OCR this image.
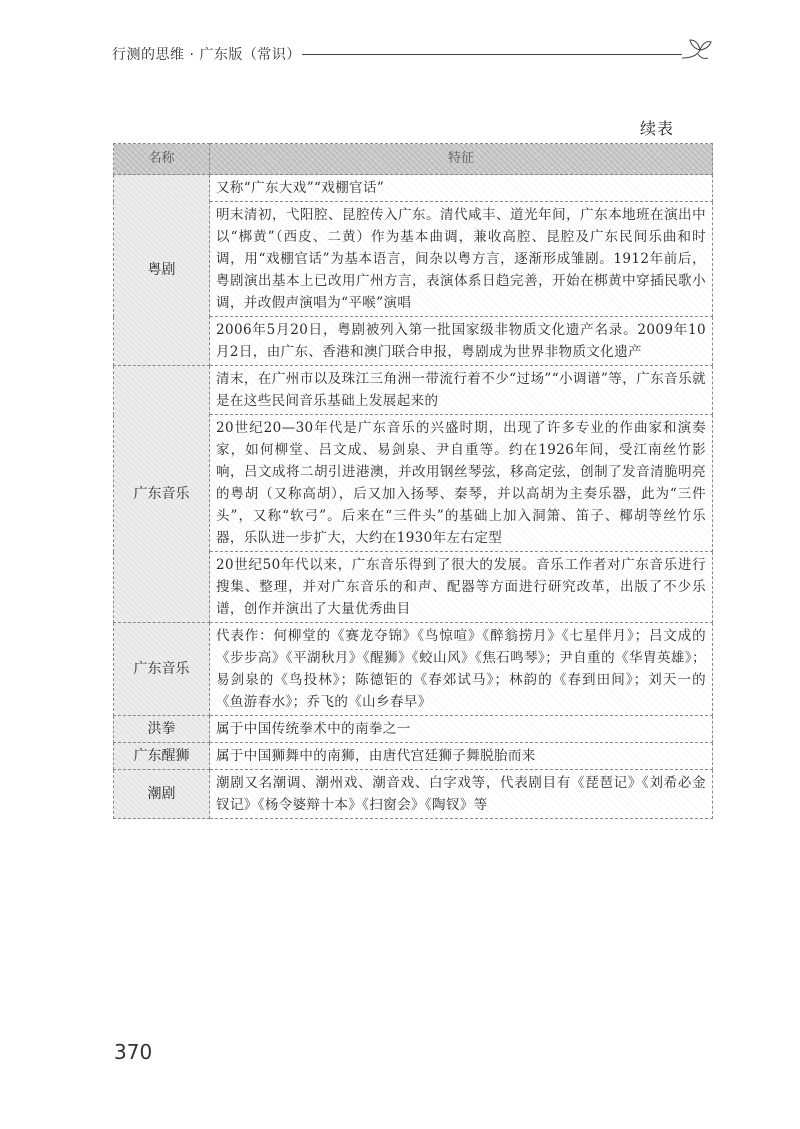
行测的思维 · 广东版（常识）
续表
名称	特征
粤剧	又称“广东大戏”“戏棚官话”
	明末清初，弋阳腔、昆腔传入广东。清代咸丰、道光年间，广东本地班在演出中以“梆黄”（西皮、二黄）作为基本曲调，兼收高腔、昆腔及广东民间乐曲和时调，用“戏棚官话”为基本语言，间杂以粤方言，逐渐形成雏剧。1912年前后，粤剧演出基本上已改用广州方言，表演体系日趋完善，开始在梆黄中穿插民歌小调，并改假声演唱为“平喉”演唱
	2006年5月20日，粤剧被列入第一批国家级非物质文化遗产名录。2009年10月2日，由广东、香港和澳门联合申报，粤剧成为世界非物质文化遗产
广东音乐	清末，在广州市以及珠江三角洲一带流行着不少“过场”“小调谱”等，广东音乐就是在这些民间音乐基础上发展起来的
	20世纪20—30年代是广东音乐的兴盛时期，出现了许多专业的作曲家和演奏家，如何柳堂、吕文成、易剑泉、尹自重等。约在1926年间，受江南丝竹影响，吕文成将二胡引进港澳，并改用钢丝琴弦，移高定弦，创制了发音清脆明亮的粤胡（又称高胡），后又加入扬琴、秦琴，并以高胡为主奏乐器，此为“三件头”，又称“软弓”。后来在“三件头”的基础上加入洞箫、笛子、椰胡等丝竹乐器，乐队进一步扩大，大约在1930年左右定型
	20世纪50年代以来，广东音乐得到了很大的发展。音乐工作者对广东音乐进行搜集、整理，并对广东音乐的和声、配器等方面进行研究改革，出版了不少乐谱，创作并演出了大量优秀曲目
广东音乐	代表作：何柳堂的《赛龙夺锦》《鸟惊喧》《醉翁捞月》《七星伴月》；吕文成的《步步高》《平湖秋月》《醒狮》《蛟山风》《焦石鸣琴》；尹自重的《华胄英雄》；易剑泉的《鸟投林》；陈德钜的《春郊试马》；林韵的《春到田间》；刘天一的《鱼游春水》；乔飞的《山乡春早》
洪拳	属于中国传统拳术中的南拳之一
广东醒狮	属于中国狮舞中的南狮，由唐代宫廷狮子舞脱胎而来
潮剧	潮剧又名潮调、潮州戏、潮音戏、白字戏等，代表剧目有《琵琶记》《刘希必金钗记》《杨令婆辩十本》《扫窗会》《陶钗》等
370
